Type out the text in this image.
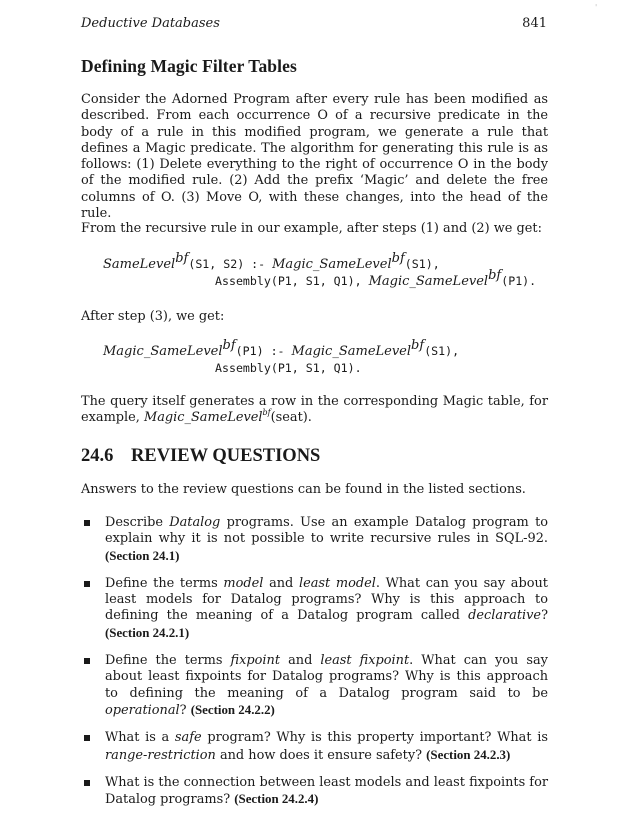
Deductive Databases	841
'
Defining Magic Filter Tables

Consider the Adorned Program after every rule has been modified as described. From each occurrence O of a recursive predicate in the body of a rule in this modified program, we generate a rule that defines a Magic predicate. The algorithm for generating this rule is as follows: (1) Delete everything to the right of occurrence O in the body of the modified rule. (2) Add the prefix ‘Magic’ and delete the free columns of O. (3) Move O, with these changes, into the head of the rule.

From the recursive rule in our example, after steps (1) and (2) we get:

SameLevel$^{bf}$(S1, S2) :- Magic_SameLevel$^{bf}$(S1),
Assembly(P1, S1, Q1), Magic_SameLevel$^{bf}$(P1).

After step (3), we get:

Magic_SameLevel$^{bf}$(P1) :- Magic_SameLevel$^{bf}$(S1),
Assembly(P1, S1, Q1).

The query itself generates a row in the corresponding Magic table, for example, Magic_SameLevel$^{bf}$(seat).

24.6 REVIEW QUESTIONS

Answers to the review questions can be found in the listed sections.

Describe Datalog programs. Use an example Datalog program to explain why it is not possible to write recursive rules in SQL-92. (Section 24.1)
Define the terms model and least model. What can you say about least models for Datalog programs? Why is this approach to defining the meaning of a Datalog program called declarative? (Section 24.2.1)
Define the terms fixpoint and least fixpoint. What can you say about least fixpoints for Datalog programs? Why is this approach to defining the meaning of a Datalog program said to be operational? (Section 24.2.2)
What is a safe program? Why is this property important? What is range-restriction and how does it ensure safety? (Section 24.2.3)
What is the connection between least models and least fixpoints for Datalog programs? (Section 24.2.4)
